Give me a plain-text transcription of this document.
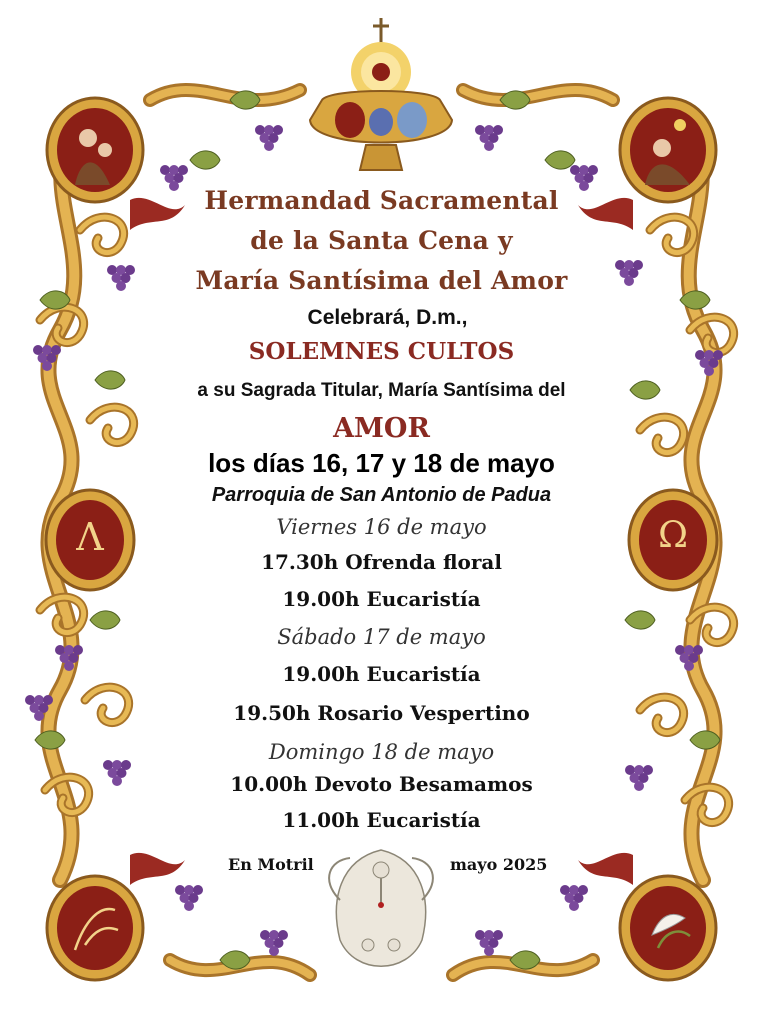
Λ	Ω

Hermandad Sacramental

de la Santa Cena y

María Santísima del Amor

Celebrará, D.m.,

SOLEMNES CULTOS

a su Sagrada Titular, María Santísima del

AMOR

los días 16, 17 y 18 de mayo

Parroquia de San Antonio de Padua

Viernes 16 de mayo

17.30h Ofrenda floral

19.00h Eucaristía

Sábado 17 de mayo

19.00h Eucaristía

19.50h Rosario Vespertino

Domingo 18 de mayo

10.00h Devoto Besamamos

11.00h Eucaristía

En Motril	mayo 2025
